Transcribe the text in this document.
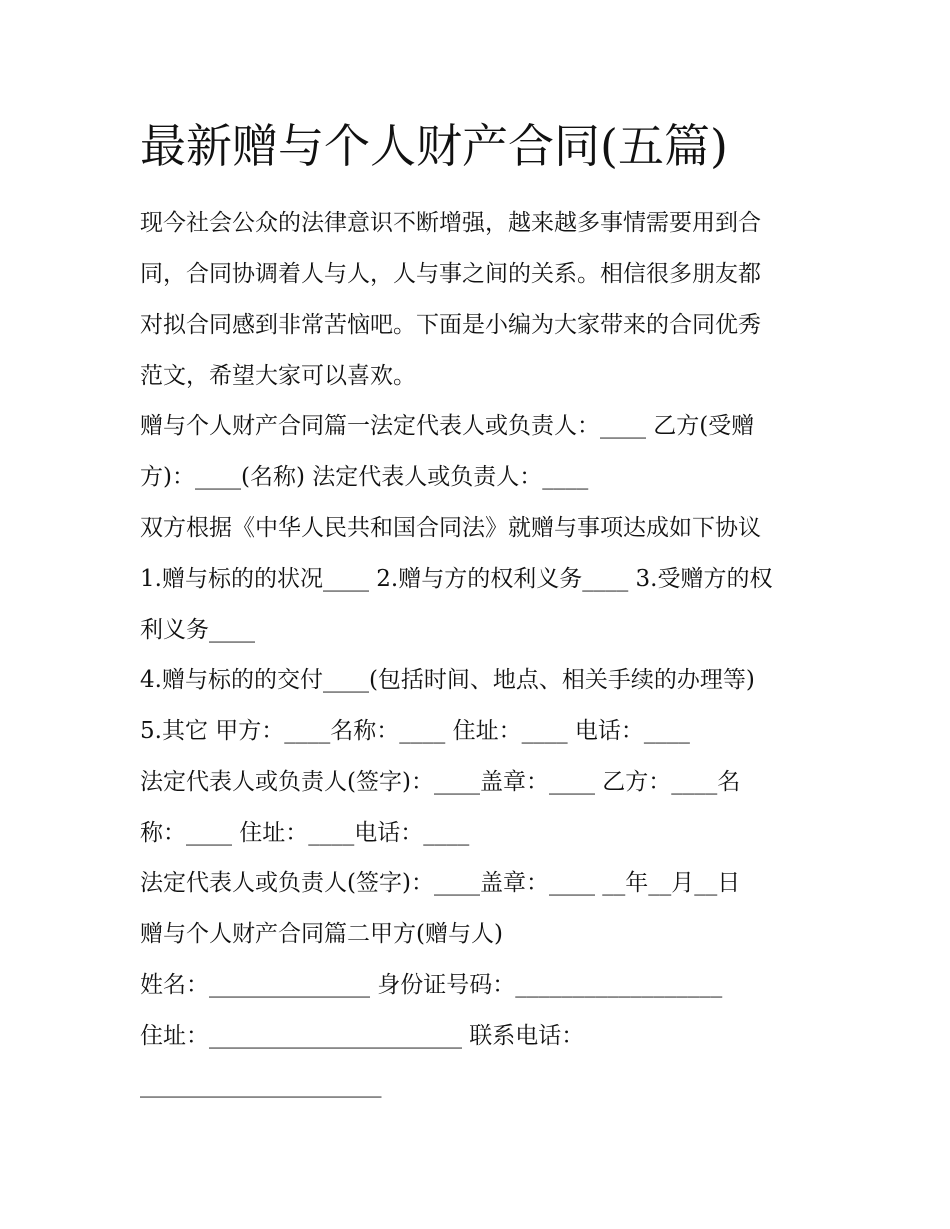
最新赠与个人财产合同(五篇)
现今社会公众的法律意识不断增强，越来越多事情需要用到合
同，合同协调着人与人，人与事之间的关系。相信很多朋友都
对拟合同感到非常苦恼吧。下面是小编为大家带来的合同优秀
范文，希望大家可以喜欢。
赠与个人财产合同篇一法定代表人或负责人：____ 乙方(受赠
方)：____(名称) 法定代表人或负责人：____
双方根据《中华人民共和国合同法》就赠与事项达成如下协议
1.赠与标的的状况____ 2.赠与方的权利义务____ 3.受赠方的权
利义务____
4.赠与标的的交付____(包括时间、地点、相关手续的办理等)
5.其它 甲方：____名称：____ 住址：____ 电话：____
法定代表人或负责人(签字)：____盖章：____ 乙方：____名
称：____ 住址：____电话：____
法定代表人或负责人(签字)：____盖章：____ __年__月__日
赠与个人财产合同篇二甲方(赠与人)
姓名：______________ 身份证号码：__________________
住址：______________________ 联系电话：
_____________________
